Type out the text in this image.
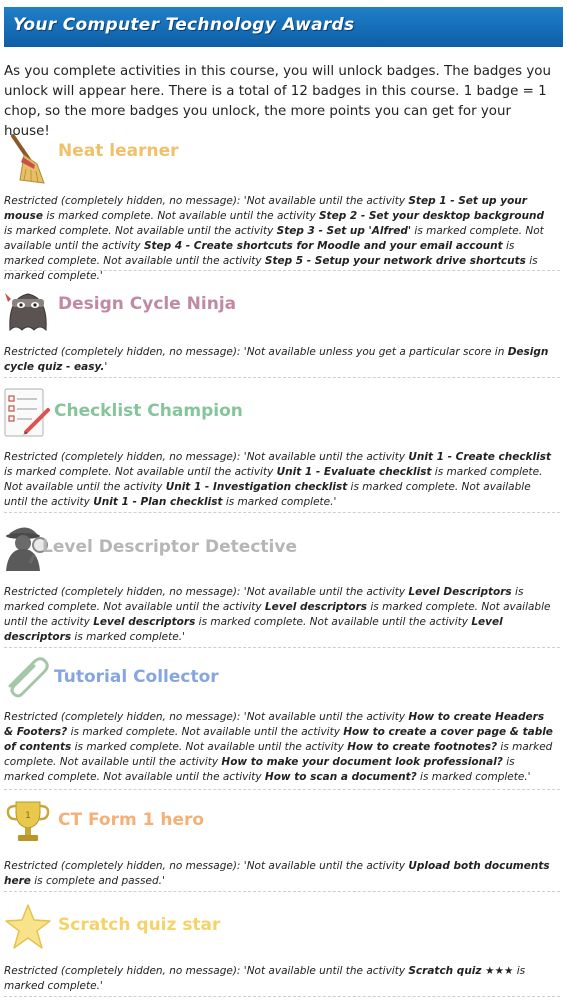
Your Computer Technology Awards
As you complete activities in this course, you will unlock badges. The badges you unlock will appear here. There is a total of 12 badges in this course. 1 badge = 1 chop, so the more badges you unlock, the more points you can get for your house!
Neat learner
Restricted (completely hidden, no message): 'Not available until the activity Step 1 - Set up your mouse is marked complete. Not available until the activity Step 2 - Set your desktop background is marked complete. Not available until the activity Step 3 - Set up 'Alfred' is marked complete. Not available until the activity Step 4 - Create shortcuts for Moodle and your email account is marked complete. Not available until the activity Step 5 - Setup your network drive shortcuts is marked complete.'
Design Cycle Ninja
Restricted (completely hidden, no message): 'Not available unless you get a particular score in Design cycle quiz - easy.'
Checklist Champion
Restricted (completely hidden, no message): 'Not available until the activity Unit 1 - Create checklist is marked complete. Not available until the activity Unit 1 - Evaluate checklist is marked complete. Not available until the activity Unit 1 - Investigation checklist is marked complete. Not available until the activity Unit 1 - Plan checklist is marked complete.'
Level Descriptor Detective
Restricted (completely hidden, no message): 'Not available until the activity Level Descriptors is marked complete. Not available until the activity Level descriptors is marked complete. Not available until the activity Level descriptors is marked complete. Not available until the activity Level descriptors is marked complete.'
Tutorial Collector
Restricted (completely hidden, no message): 'Not available until the activity How to create Headers & Footers? is marked complete. Not available until the activity How to create a cover page & table of contents is marked complete. Not available until the activity How to create footnotes? is marked complete. Not available until the activity How to make your document look professional? is marked complete. Not available until the activity How to scan a document? is marked complete.'
1 CT Form 1 hero
Restricted (completely hidden, no message): 'Not available until the activity Upload both documents here is complete and passed.'
Scratch quiz star
Restricted (completely hidden, no message): 'Not available until the activity Scratch quiz ★★★ is marked complete.'
